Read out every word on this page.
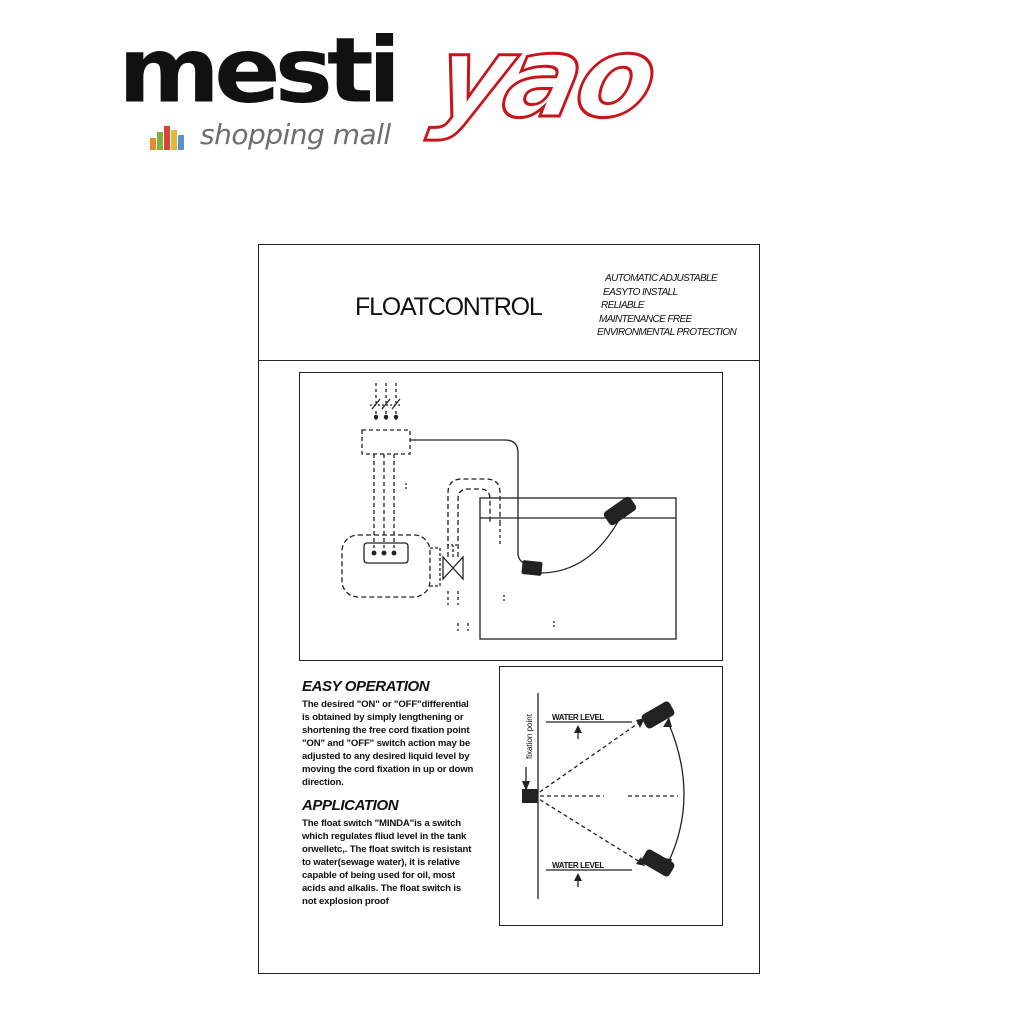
mesti yao
shopping mall
FLOATCONTROL
AUTOMATIC ADJUSTABLE
EASYTO INSTALL
RELIABLE
MAINTENANCE FREE
ENVIRONMENTAL PROTECTION
EASY OPERATION

The desired "ON" or "OFF"differential
is obtained by simply lengthening or
shortening the free cord fixation point
"ON" and "OFF" switch action may be
adjusted to any desired liquid level by
moving the cord fixation in up or down
direction.

APPLICATION

The float switch "MINDA"is a switch
which regulates fliud level in the tank
orwelletc,. The float switch is resistant
to water(sewage water), it is relative
capable of being used for oil, most
acids and alkalis. The float switch is
not explosion proof

WATER LEVEL
WATER LEVEL
fixation point
